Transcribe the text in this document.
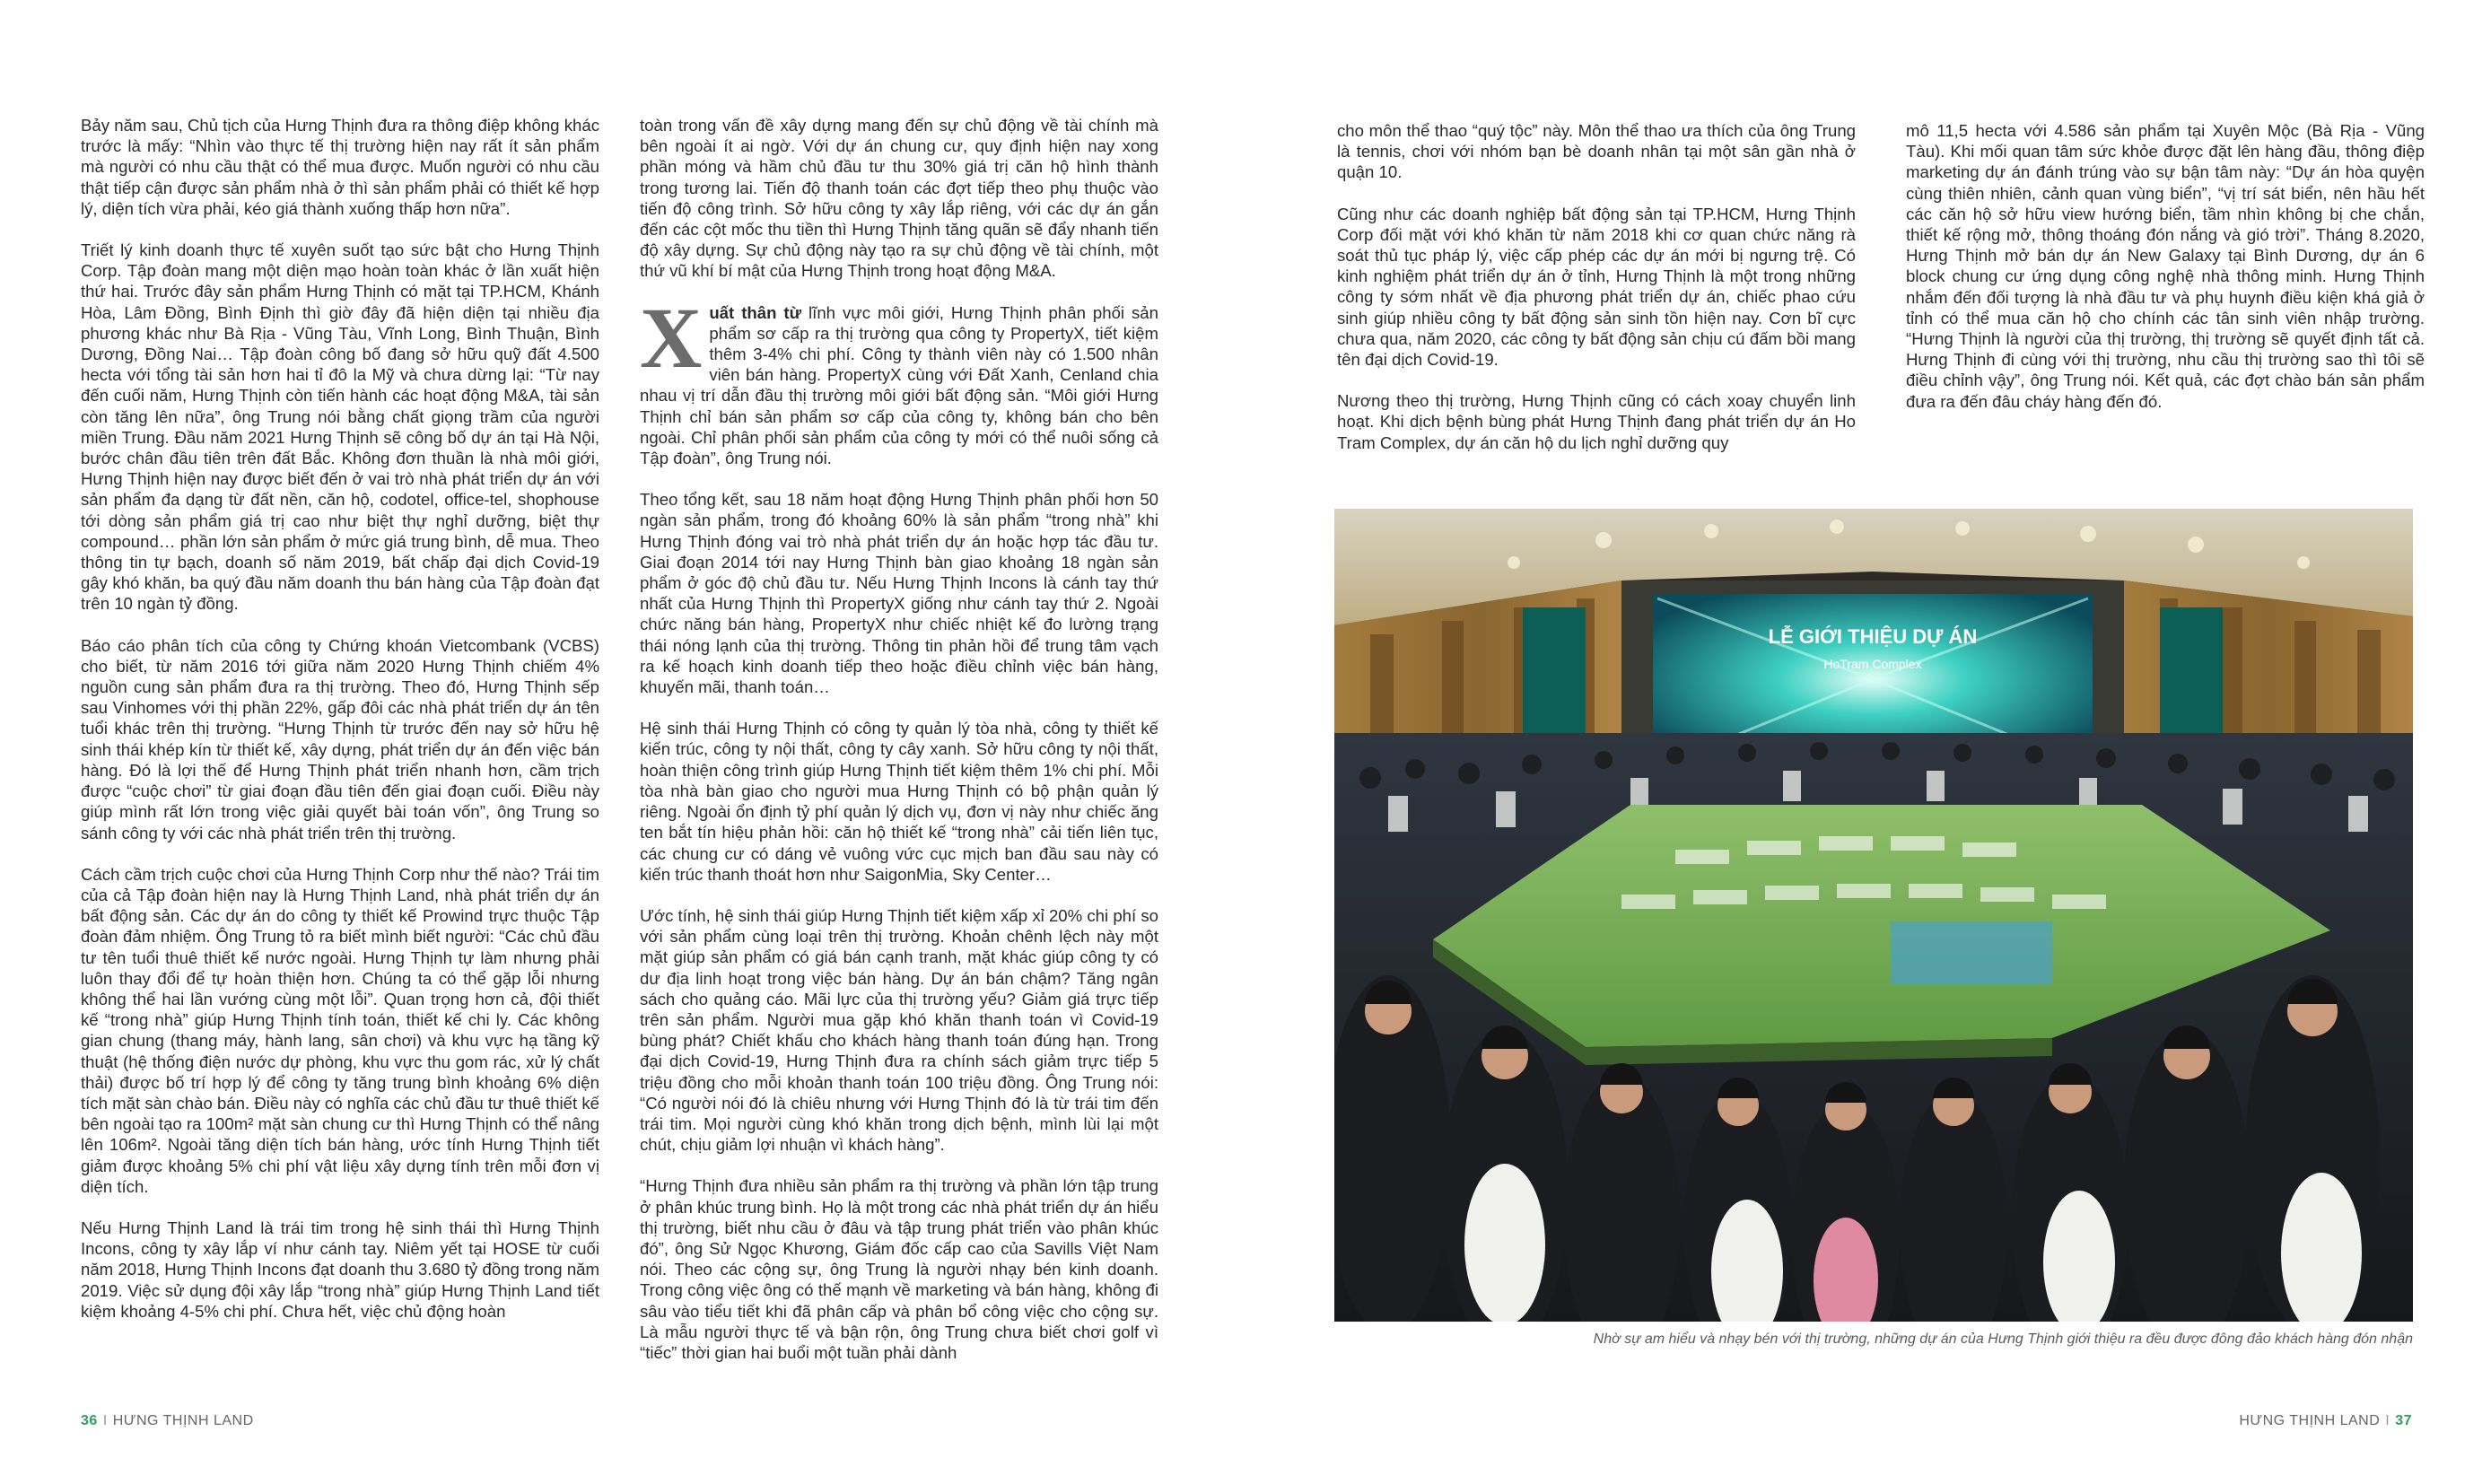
Bảy năm sau, Chủ tịch của Hưng Thịnh đưa ra thông điệp không khác trước là mấy: “Nhìn vào thực tế thị trường hiện nay rất ít sản phẩm mà người có nhu cầu thật có thể mua được. Muốn người có nhu cầu thật tiếp cận được sản phẩm nhà ở thì sản phẩm phải có thiết kế hợp lý, diện tích vừa phải, kéo giá thành xuống thấp hơn nữa”.

Triết lý kinh doanh thực tế xuyên suốt tạo sức bật cho Hưng Thịnh Corp. Tập đoàn mang một diện mạo hoàn toàn khác ở lần xuất hiện thứ hai. Trước đây sản phẩm Hưng Thịnh có mặt tại TP.HCM, Khánh Hòa, Lâm Đồng, Bình Định thì giờ đây đã hiện diện tại nhiều địa phương khác như Bà Rịa - Vũng Tàu, Vĩnh Long, Bình Thuận, Bình Dương, Đồng Nai… Tập đoàn công bố đang sở hữu quỹ đất 4.500 hecta với tổng tài sản hơn hai tỉ đô la Mỹ và chưa dừng lại: “Từ nay đến cuối năm, Hưng Thịnh còn tiến hành các hoạt động M&A, tài sản còn tăng lên nữa”, ông Trung nói bằng chất giọng trầm của người miền Trung. Đầu năm 2021 Hưng Thịnh sẽ công bố dự án tại Hà Nội, bước chân đầu tiên trên đất Bắc. Không đơn thuần là nhà môi giới, Hưng Thịnh hiện nay được biết đến ở vai trò nhà phát triển dự án với sản phẩm đa dạng từ đất nền, căn hộ, codotel, office-tel, shophouse tới dòng sản phẩm giá trị cao như biệt thự nghỉ dưỡng, biệt thự compound… phần lớn sản phẩm ở mức giá trung bình, dễ mua. Theo thông tin tự bạch, doanh số năm 2019, bất chấp đại dịch Covid-19 gây khó khăn, ba quý đầu năm doanh thu bán hàng của Tập đoàn đạt trên 10 ngàn tỷ đồng.

Báo cáo phân tích của công ty Chứng khoán Vietcombank (VCBS) cho biết, từ năm 2016 tới giữa năm 2020 Hưng Thịnh chiếm 4% nguồn cung sản phẩm đưa ra thị trường. Theo đó, Hưng Thịnh sếp sau Vinhomes với thị phần 22%, gấp đôi các nhà phát triển dự án tên tuổi khác trên thị trường. “Hưng Thịnh từ trước đến nay sở hữu hệ sinh thái khép kín từ thiết kế, xây dựng, phát triển dự án đến việc bán hàng. Đó là lợi thế để Hưng Thịnh phát triển nhanh hơn, cầm trịch được “cuộc chơi” từ giai đoạn đầu tiên đến giai đoạn cuối. Điều này giúp mình rất lớn trong việc giải quyết bài toán vốn”, ông Trung so sánh công ty với các nhà phát triển trên thị trường.

Cách cầm trịch cuộc chơi của Hưng Thịnh Corp như thế nào? Trái tim của cả Tập đoàn hiện nay là Hưng Thịnh Land, nhà phát triển dự án bất động sản. Các dự án do công ty thiết kế Prowind trực thuộc Tập đoàn đảm nhiệm. Ông Trung tỏ ra biết mình biết người: “Các chủ đầu tư tên tuổi thuê thiết kế nước ngoài. Hưng Thịnh tự làm nhưng phải luôn thay đổi để tự hoàn thiện hơn. Chúng ta có thể gặp lỗi nhưng không thể hai lần vướng cùng một lỗi”. Quan trọng hơn cả, đội thiết kế “trong nhà” giúp Hưng Thịnh tính toán, thiết kế chi ly. Các không gian chung (thang máy, hành lang, sân chơi) và khu vực hạ tầng kỹ thuật (hệ thống điện nước dự phòng, khu vực thu gom rác, xử lý chất thải) được bố trí hợp lý để công ty tăng trung bình khoảng 6% diện tích mặt sàn chào bán. Điều này có nghĩa các chủ đầu tư thuê thiết kế bên ngoài tạo ra 100m² mặt sàn chung cư thì Hưng Thịnh có thể nâng lên 106m². Ngoài tăng diện tích bán hàng, ước tính Hưng Thịnh tiết giảm được khoảng 5% chi phí vật liệu xây dựng tính trên mỗi đơn vị diện tích.

Nếu Hưng Thịnh Land là trái tim trong hệ sinh thái thì Hưng Thịnh Incons, công ty xây lắp ví như cánh tay. Niêm yết tại HOSE từ cuối năm 2018, Hưng Thịnh Incons đạt doanh thu 3.680 tỷ đồng trong năm 2019. Việc sử dụng đội xây lắp “trong nhà” giúp Hưng Thịnh Land tiết kiệm khoảng 4-5% chi phí. Chưa hết, việc chủ động hoàn

toàn trong vấn đề xây dựng mang đến sự chủ động về tài chính mà bên ngoài ít ai ngờ. Với dự án chung cư, quy định hiện nay xong phần móng và hầm chủ đầu tư thu 30% giá trị căn hộ hình thành trong tương lai. Tiến độ thanh toán các đợt tiếp theo phụ thuộc vào tiến độ công trình. Sở hữu công ty xây lắp riêng, với các dự án gắn đến các cột mốc thu tiền thì Hưng Thịnh tăng quãn sẽ đẩy nhanh tiến độ xây dựng. Sự chủ động này tạo ra sự chủ động về tài chính, một thứ vũ khí bí mật của Hưng Thịnh trong hoạt động M&A.

Xuất thân từ lĩnh vực môi giới, Hưng Thịnh phân phối sản phẩm sơ cấp ra thị trường qua công ty PropertyX, tiết kiệm thêm 3-4% chi phí. Công ty thành viên này có 1.500 nhân viên bán hàng. PropertyX cùng với Đất Xanh, Cenland chia nhau vị trí dẫn đầu thị trường môi giới bất động sản. “Môi giới Hưng Thịnh chỉ bán sản phẩm sơ cấp của công ty, không bán cho bên ngoài. Chỉ phân phối sản phẩm của công ty mới có thể nuôi sống cả Tập đoàn”, ông Trung nói.

Theo tổng kết, sau 18 năm hoạt động Hưng Thịnh phân phối hơn 50 ngàn sản phẩm, trong đó khoảng 60% là sản phẩm “trong nhà” khi Hưng Thịnh đóng vai trò nhà phát triển dự án hoặc hợp tác đầu tư. Giai đoạn 2014 tới nay Hưng Thịnh bàn giao khoảng 18 ngàn sản phẩm ở góc độ chủ đầu tư. Nếu Hưng Thịnh Incons là cánh tay thứ nhất của Hưng Thịnh thì PropertyX giống như cánh tay thứ 2. Ngoài chức năng bán hàng, PropertyX như chiếc nhiệt kế đo lường trạng thái nóng lạnh của thị trường. Thông tin phản hồi để trung tâm vạch ra kế hoạch kinh doanh tiếp theo hoặc điều chỉnh việc bán hàng, khuyến mãi, thanh toán…

Hệ sinh thái Hưng Thịnh có công ty quản lý tòa nhà, công ty thiết kế kiến trúc, công ty nội thất, công ty cây xanh. Sở hữu công ty nội thất, hoàn thiện công trình giúp Hưng Thịnh tiết kiệm thêm 1% chi phí. Mỗi tòa nhà bàn giao cho người mua Hưng Thịnh có bộ phận quản lý riêng. Ngoài ổn định tỷ phí quản lý dịch vụ, đơn vị này như chiếc ăng ten bắt tín hiệu phản hồi: căn hộ thiết kế “trong nhà” cải tiến liên tục, các chung cư có dáng vẻ vuông vức cục mịch ban đầu sau này có kiến trúc thanh thoát hơn như SaigonMia, Sky Center…

Ước tính, hệ sinh thái giúp Hưng Thịnh tiết kiệm xấp xỉ 20% chi phí so với sản phẩm cùng loại trên thị trường. Khoản chênh lệch này một mặt giúp sản phẩm có giá bán cạnh tranh, mặt khác giúp công ty có dư địa linh hoạt trong việc bán hàng. Dự án bán chậm? Tăng ngân sách cho quảng cáo. Mãi lực của thị trường yếu? Giảm giá trực tiếp trên sản phẩm. Người mua gặp khó khăn thanh toán vì Covid-19 bùng phát? Chiết khấu cho khách hàng thanh toán đúng hạn. Trong đại dịch Covid-19, Hưng Thịnh đưa ra chính sách giảm trực tiếp 5 triệu đồng cho mỗi khoản thanh toán 100 triệu đồng. Ông Trung nói: “Có người nói đó là chiêu nhưng với Hưng Thịnh đó là từ trái tim đến trái tim. Mọi người cùng khó khăn trong dịch bệnh, mình lùi lại một chút, chịu giảm lợi nhuận vì khách hàng”.

“Hưng Thịnh đưa nhiều sản phẩm ra thị trường và phần lớn tập trung ở phân khúc trung bình. Họ là một trong các nhà phát triển dự án hiểu thị trường, biết nhu cầu ở đâu và tập trung phát triển vào phân khúc đó”, ông Sử Ngọc Khương, Giám đốc cấp cao của Savills Việt Nam nói. Theo các cộng sự, ông Trung là người nhạy bén kinh doanh. Trong công việc ông có thế mạnh về marketing và bán hàng, không đi sâu vào tiểu tiết khi đã phân cấp và phân bổ công việc cho cộng sự. Là mẫu người thực tế và bận rộn, ông Trung chưa biết chơi golf vì “tiếc” thời gian hai buổi một tuần phải dành

36 I HƯNG THỊNH LAND

cho môn thể thao “quý tộc” này. Môn thể thao ưa thích của ông Trung là tennis, chơi với nhóm bạn bè doanh nhân tại một sân gần nhà ở quận 10.

Cũng như các doanh nghiệp bất động sản tại TP.HCM, Hưng Thịnh Corp đối mặt với khó khăn từ năm 2018 khi cơ quan chức năng rà soát thủ tục pháp lý, việc cấp phép các dự án mới bị ngưng trệ. Có kinh nghiệm phát triển dự án ở tỉnh, Hưng Thịnh là một trong những công ty sớm nhất về địa phương phát triển dự án, chiếc phao cứu sinh giúp nhiều công ty bất động sản sinh tồn hiện nay. Cơn bĩ cực chưa qua, năm 2020, các công ty bất động sản chịu cú đấm bồi mang tên đại dịch Covid-19.

Nương theo thị trường, Hưng Thịnh cũng có cách xoay chuyển linh hoạt. Khi dịch bệnh bùng phát Hưng Thịnh đang phát triển dự án Ho Tram Complex, dự án căn hộ du lịch nghỉ dưỡng quy

mô 11,5 hecta với 4.586 sản phẩm tại Xuyên Mộc (Bà Rịa - Vũng Tàu). Khi mối quan tâm sức khỏe được đặt lên hàng đầu, thông điệp marketing dự án đánh trúng vào sự bận tâm này: “Dự án hòa quyện cùng thiên nhiên, cảnh quan vùng biển”, “vị trí sát biển, nên hầu hết các căn hộ sở hữu view hướng biển, tầm nhìn không bị che chắn, thiết kế rộng mở, thông thoáng đón nắng và gió trời”. Tháng 8.2020, Hưng Thịnh mở bán dự án New Galaxy tại Bình Dương, dự án 6 block chung cư ứng dụng công nghệ nhà thông minh. Hưng Thịnh nhắm đến đối tượng là nhà đầu tư và phụ huynh điều kiện khá giả ở tỉnh có thể mua căn hộ cho chính các tân sinh viên nhập trường. “Hưng Thịnh là người của thị trường, thị trường sẽ quyết định tất cả. Hưng Thịnh đi cùng với thị trường, nhu cầu thị trường sao thì tôi sẽ điều chỉnh vậy”, ông Trung nói. Kết quả, các đợt chào bán sản phẩm đưa ra đến đâu cháy hàng đến đó.

LỄ GIỚI THIỆU DỰ ÁN
HoTram Complex
Nhờ sự am hiểu và nhạy bén với thị trường, những dự án của Hưng Thịnh giới thiệu ra đều được đông đảo khách hàng đón nhận
HƯNG THỊNH LAND I 37
